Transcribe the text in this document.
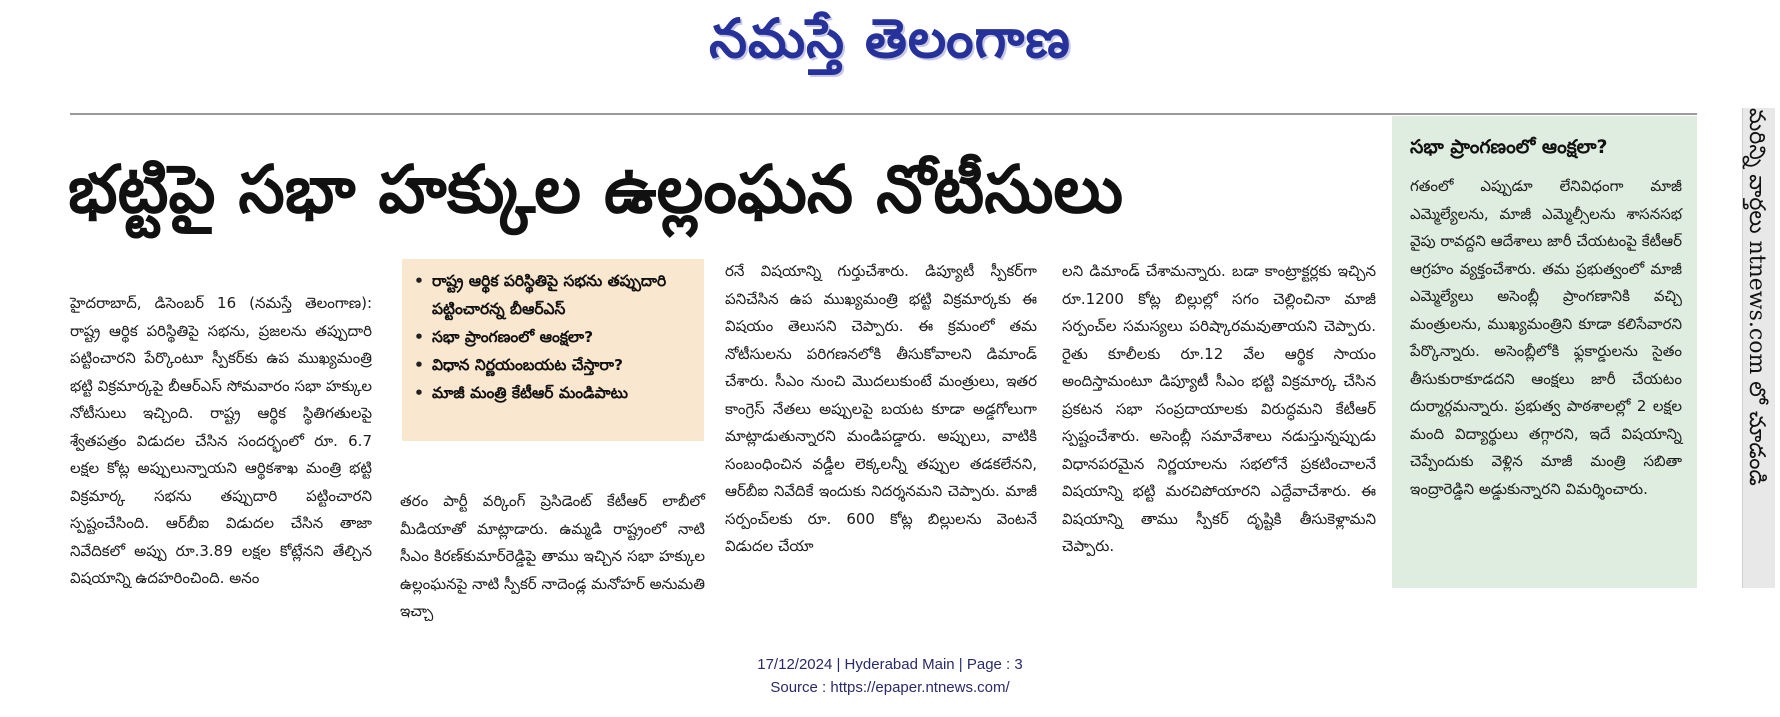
నమస్తే తెలంగాణ
భట్టిపై సభా హక్కుల ఉల్లంఘన నోటీసులు

హైదరాబాద్, డిసెంబర్ 16 (నమస్తే తెలంగాణ): రాష్ట్ర ఆర్థిక పరిస్థితిపై సభను, ప్రజలను తప్పుదారి పట్టించారని పేర్కొంటూ స్పీకర్‌కు ఉప ముఖ్యమంత్రి భట్టి విక్రమార్కపై బీఆర్‌ఎస్ సోమవారం సభా హక్కుల నోటీసులు ఇచ్చింది. రాష్ట్ర ఆర్థిక స్థితిగతులపై శ్వేతపత్రం విడుదల చేసిన సందర్భంలో రూ. 6.7 లక్షల కోట్ల అప్పులున్నాయని ఆర్థికశాఖ మంత్రి భట్టి విక్రమార్క సభను తప్పుదారి పట్టించారని స్పష్టంచేసింది. ఆర్‌బీఐ విడుదల చేసిన తాజా నివేదికలో అప్పు రూ.3.89 లక్షల కోట్లేనని తేల్చిన విషయాన్ని ఉదహరించింది. అనం

• రాష్ట్ర ఆర్థిక పరిస్థితిపై సభను తప్పుదారి పట్టించారన్న బీఆర్‌ఎస్
• సభా ప్రాంగణంలో ఆంక్షలా?
• విధాన నిర్ణయంబయట చేస్తారా?
• మాజీ మంత్రి కేటీఆర్ మండిపాటు

తరం పార్టీ వర్కింగ్ ప్రెసిడెంట్ కేటీఆర్ లాబీలో మీడియాతో మాట్లాడారు. ఉమ్మడి రాష్ట్రంలో నాటి సీఎం కిరణ్‌కుమార్‌రెడ్డిపై తాము ఇచ్చిన సభా హక్కుల ఉల్లంఘనపై నాటి స్పీకర్ నాదెండ్ల మనోహర్ అనుమతి ఇచ్చా

రనే విషయాన్ని గుర్తుచేశారు. డిప్యూటీ స్పీకర్‌గా పనిచేసిన ఉప ముఖ్యమంత్రి భట్టి విక్రమార్కకు ఈ విషయం తెలుసని చెప్పారు. ఈ క్రమంలో తమ నోటీసులను పరిగణనలోకి తీసుకోవాలని డిమాండ్ చేశారు. సీఎం నుంచి మొదలుకుంటే మంత్రులు, ఇతర కాంగ్రెస్ నేతలు అప్పులపై బయట కూడా అడ్డగోలుగా మాట్లాడుతున్నారని మండిపడ్డారు. అప్పులు, వాటికి సంబంధించిన వడ్డీల లెక్కలన్నీ తప్పుల తడకలేనని, ఆర్‌బీఐ నివేదికే ఇందుకు నిదర్శనమని చెప్పారు. మాజీ సర్పంచ్‌లకు రూ. 600 కోట్ల బిల్లులను వెంటనే విడుదల చేయా

లని డిమాండ్ చేశామన్నారు. బడా కాంట్రాక్టర్లకు ఇచ్చిన రూ.1200 కోట్ల బిల్లుల్లో సగం చెల్లించినా మాజీ సర్పంచ్‌ల సమస్యలు పరిష్కారమవుతాయని చెప్పారు. రైతు కూలీలకు రూ.12 వేల ఆర్థిక సాయం అందిస్తామంటూ డిప్యూటీ సీఎం భట్టి విక్రమార్క చేసిన ప్రకటన సభా సంప్రదాయాలకు విరుద్ధమని కేటీఆర్ స్పష్టంచేశారు. అసెంబ్లీ సమావేశాలు నడుస్తున్నప్పుడు విధానపరమైన నిర్ణయాలను సభలోనే ప్రకటించాలనే విషయాన్ని భట్టి మరచిపోయారని ఎద్దేవాచేశారు. ఈ విషయాన్ని తాము స్పీకర్ దృష్టికి తీసుకెళ్లామని చెప్పారు.

సభా ప్రాంగణంలో ఆంక్షలా?
గతంలో ఎప్పుడూ లేనివిధంగా మాజీ ఎమ్మెల్యేలను, మాజీ ఎమ్మెల్సీలను శాసనసభ వైపు రావద్దని ఆదేశాలు జారీ చేయటంపై కేటీఆర్ ఆగ్రహం వ్యక్తంచేశారు. తమ ప్రభుత్వంలో మాజీ ఎమ్మెల్యేలు అసెంబ్లీ ప్రాంగణానికి వచ్చి మంత్రులను, ముఖ్యమంత్రిని కూడా కలిసేవారని పేర్కొన్నారు. అసెంబ్లీలోకి ఫ్లకార్డులను సైతం తీసుకురాకూడదని ఆంక్షలు జారీ చేయటం దుర్మార్గమన్నారు. ప్రభుత్వ పాఠశాలల్లో 2 లక్షల మంది విద్యార్థులు తగ్గారని, ఇదే విషయాన్ని చెప్పేందుకు వెళ్లిన మాజీ మంత్రి సబితా ఇంద్రారెడ్డిని అడ్డుకున్నారని విమర్శించారు.
మరిన్ని వార్తలు ntnews.com లో చూడండి
17/12/2024 | Hyderabad Main | Page : 3
Source : https://epaper.ntnews.com/
